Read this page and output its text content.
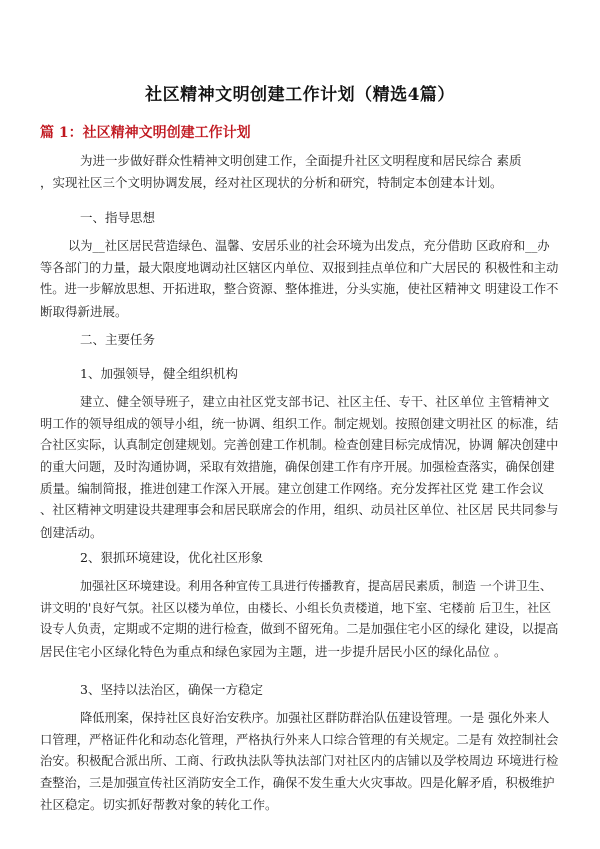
社区精神文明创建工作计划（精选4篇）
篇 1：社区精神文明创建工作计划
为进一步做好群众性精神文明创建工作，全面提升社区文明程度和居民综合 素质
，实现社区三个文明协调发展，经对社区现状的分析和研究，特制定本创建本计划。
一、指导思想
以为__社区居民营造绿色、温馨、安居乐业的社会环境为出发点，充分借助 区政府和__办
等各部门的力量，最大限度地调动社区辖区内单位、双报到挂点单位和广大居民的 积极性和主动
性。进一步解放思想、开拓进取，整合资源、整体推进，分头实施，使社区精神文 明建设工作不
断取得新进展。
二、主要任务
1、加强领导，健全组织机构
建立、健全领导班子，建立由社区党支部书记、社区主任、专干、社区单位 主管精神文
明工作的领导组成的领导小组，统一协调、组织工作。制定规划。按照创建文明社区 的标准，结
合社区实际，认真制定创建规划。完善创建工作机制。检查创建目标完成情况，协调 解决创建中
的重大问题，及时沟通协调，采取有效措施，确保创建工作有序开展。加强检查落实，确保创建
质量。编制简报，推进创建工作深入开展。建立创建工作网络。充分发挥社区党 建工作会议
、社区精神文明建设共建理事会和居民联席会的作用，组织、动员社区单位、社区居 民共同参与
创建活动。
2、狠抓环境建设，优化社区形象
加强社区环境建设。利用各种宣传工具进行传播教育，提高居民素质，制造 一个讲卫生、
讲文明的'良好气氛。社区以楼为单位，由楼长、小组长负责楼道，地下室、宅楼前 后卫生，社区
设专人负责，定期或不定期的进行检查，做到不留死角。二是加强住宅小区的绿化 建设，以提高
居民住宅小区绿化特色为重点和绿色家园为主题，进一步提升居民小区的绿化品位 。
3、坚持以法治区，确保一方稳定
降低刑案，保持社区良好治安秩序。加强社区群防群治队伍建设管理。一是 强化外来人
口管理，严格证件化和动态化管理，严格执行外来人口综合管理的有关规定。二是有 效控制社会
治安。积极配合派出所、工商、行政执法队等执法部门对社区内的店铺以及学校周边 环境进行检
查整治，三是加强宣传社区消防安全工作，确保不发生重大火灾事故。四是化解矛盾，积极维护
社区稳定。切实抓好帮教对象的转化工作。
